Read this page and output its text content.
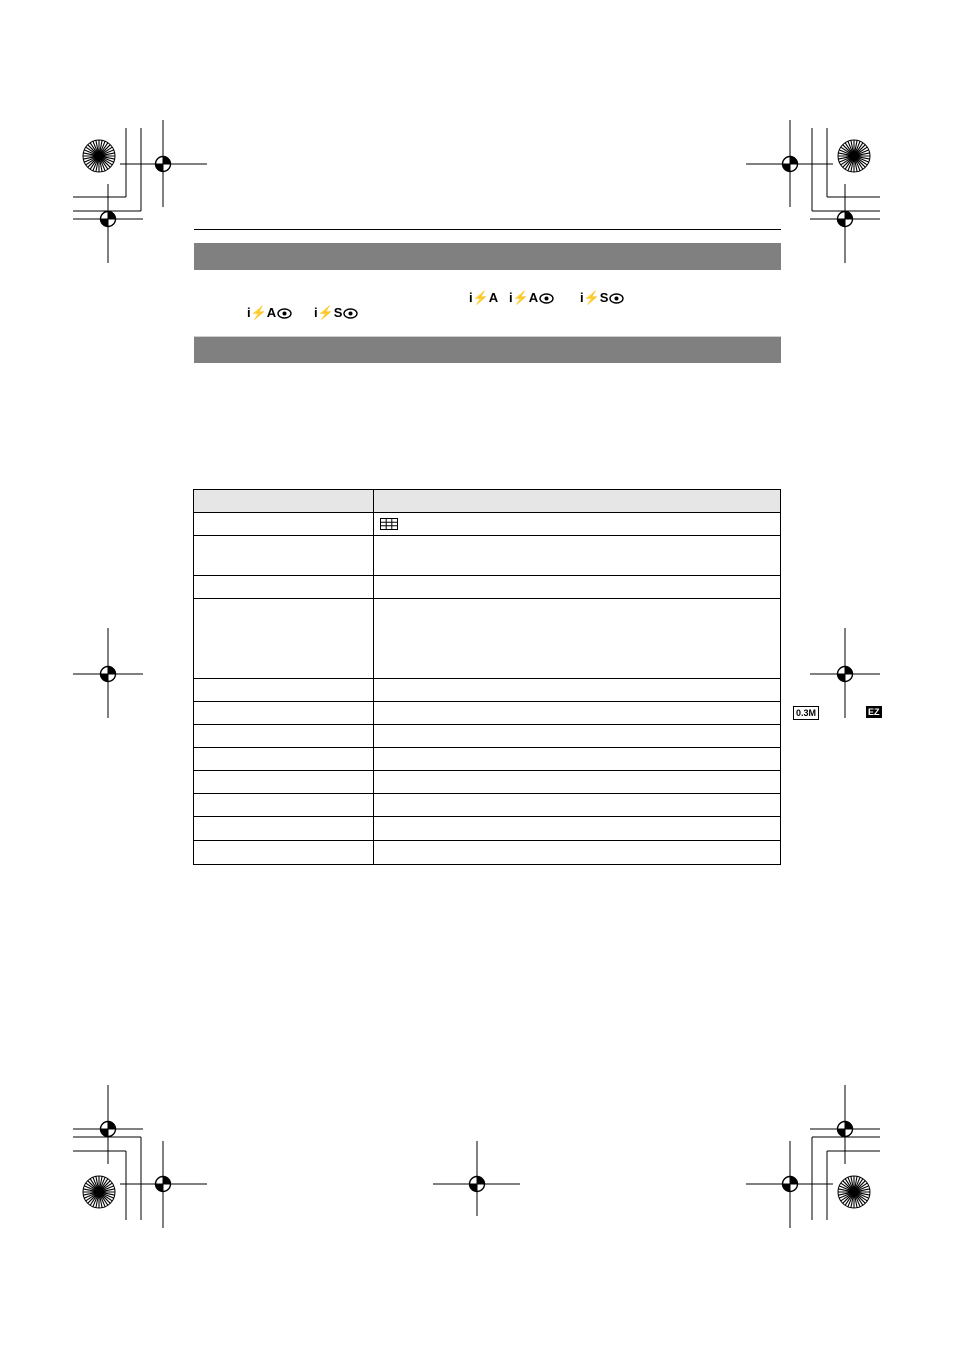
i⚡A i⚡A	i⚡S
i⚡A	i⚡S

	0.3M EZ
